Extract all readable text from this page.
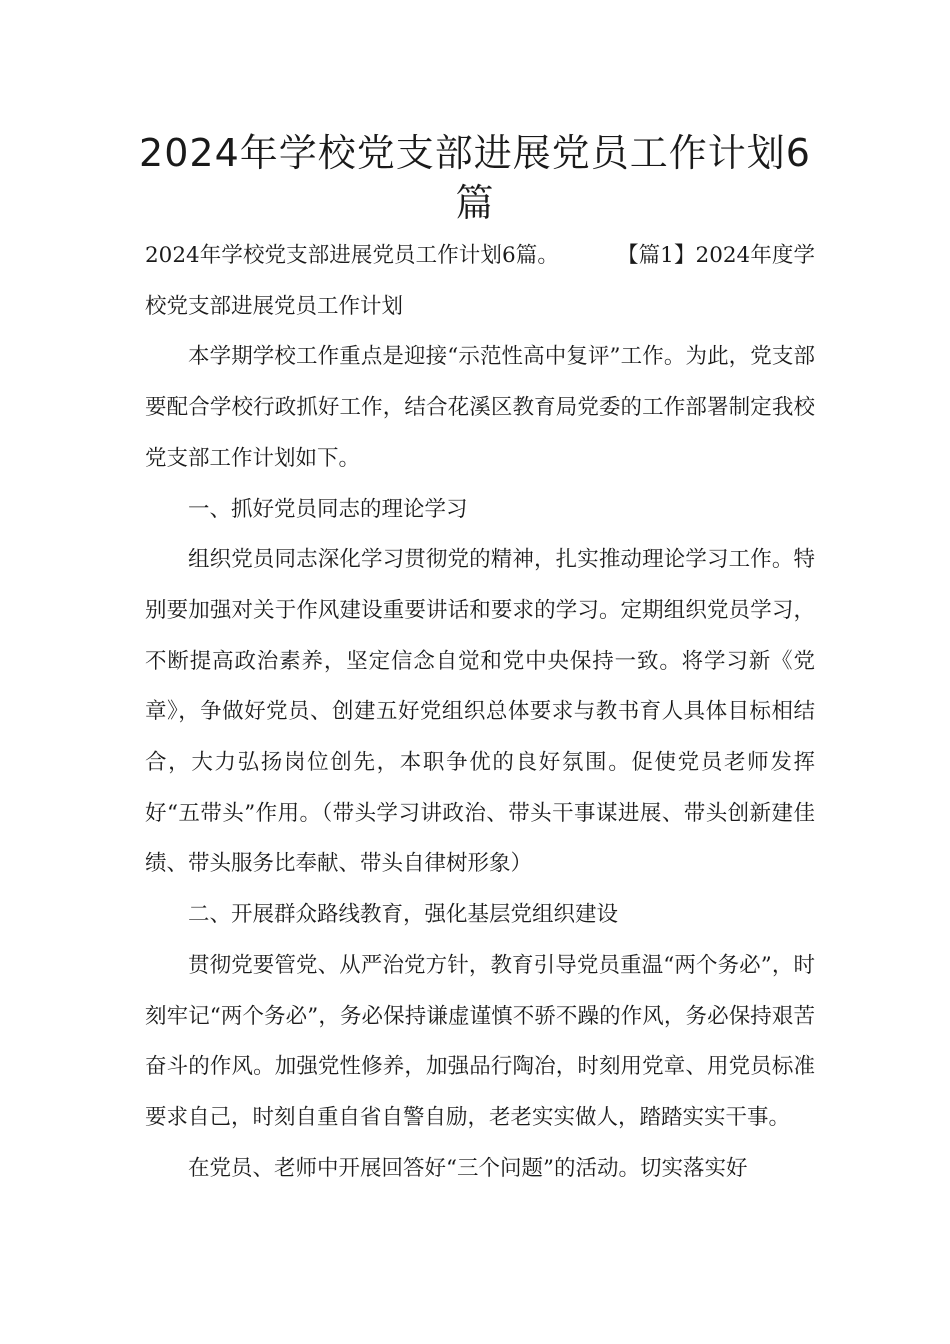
2024年学校党支部进展党员工作计划6篇

2024年学校党支部进展党员工作计划6篇。	【篇1】2024年度学校党支部进展党员工作计划

本学期学校工作重点是迎接“示范性高中复评”工作。为此，党支部要配合学校行政抓好工作，结合花溪区教育局党委的工作部署制定我校党支部工作计划如下。

一、抓好党员同志的理论学习

组织党员同志深化学习贯彻党的精神，扎实推动理论学习工作。特别要加强对关于作风建设重要讲话和要求的学习。定期组织党员学习，不断提高政治素养，坚定信念自觉和党中央保持一致。将学习新《党章》，争做好党员、创建五好党组织总体要求与教书育人具体目标相结合，大力弘扬岗位创先，本职争优的良好氛围。促使党员老师发挥好“五带头”作用。（带头学习讲政治、带头干事谋进展、带头创新建佳绩、带头服务比奉献、带头自律树形象）

二、开展群众路线教育，强化基层党组织建设

贯彻党要管党、从严治党方针，教育引导党员重温“两个务必”，时刻牢记“两个务必”，务必保持谦虚谨慎不骄不躁的作风，务必保持艰苦奋斗的作风。加强党性修养，加强品行陶冶，时刻用党章、用党员标准要求自己，时刻自重自省自警自励，老老实实做人，踏踏实实干事。

在党员、老师中开展回答好“三个问题”的活动。切实落实好
